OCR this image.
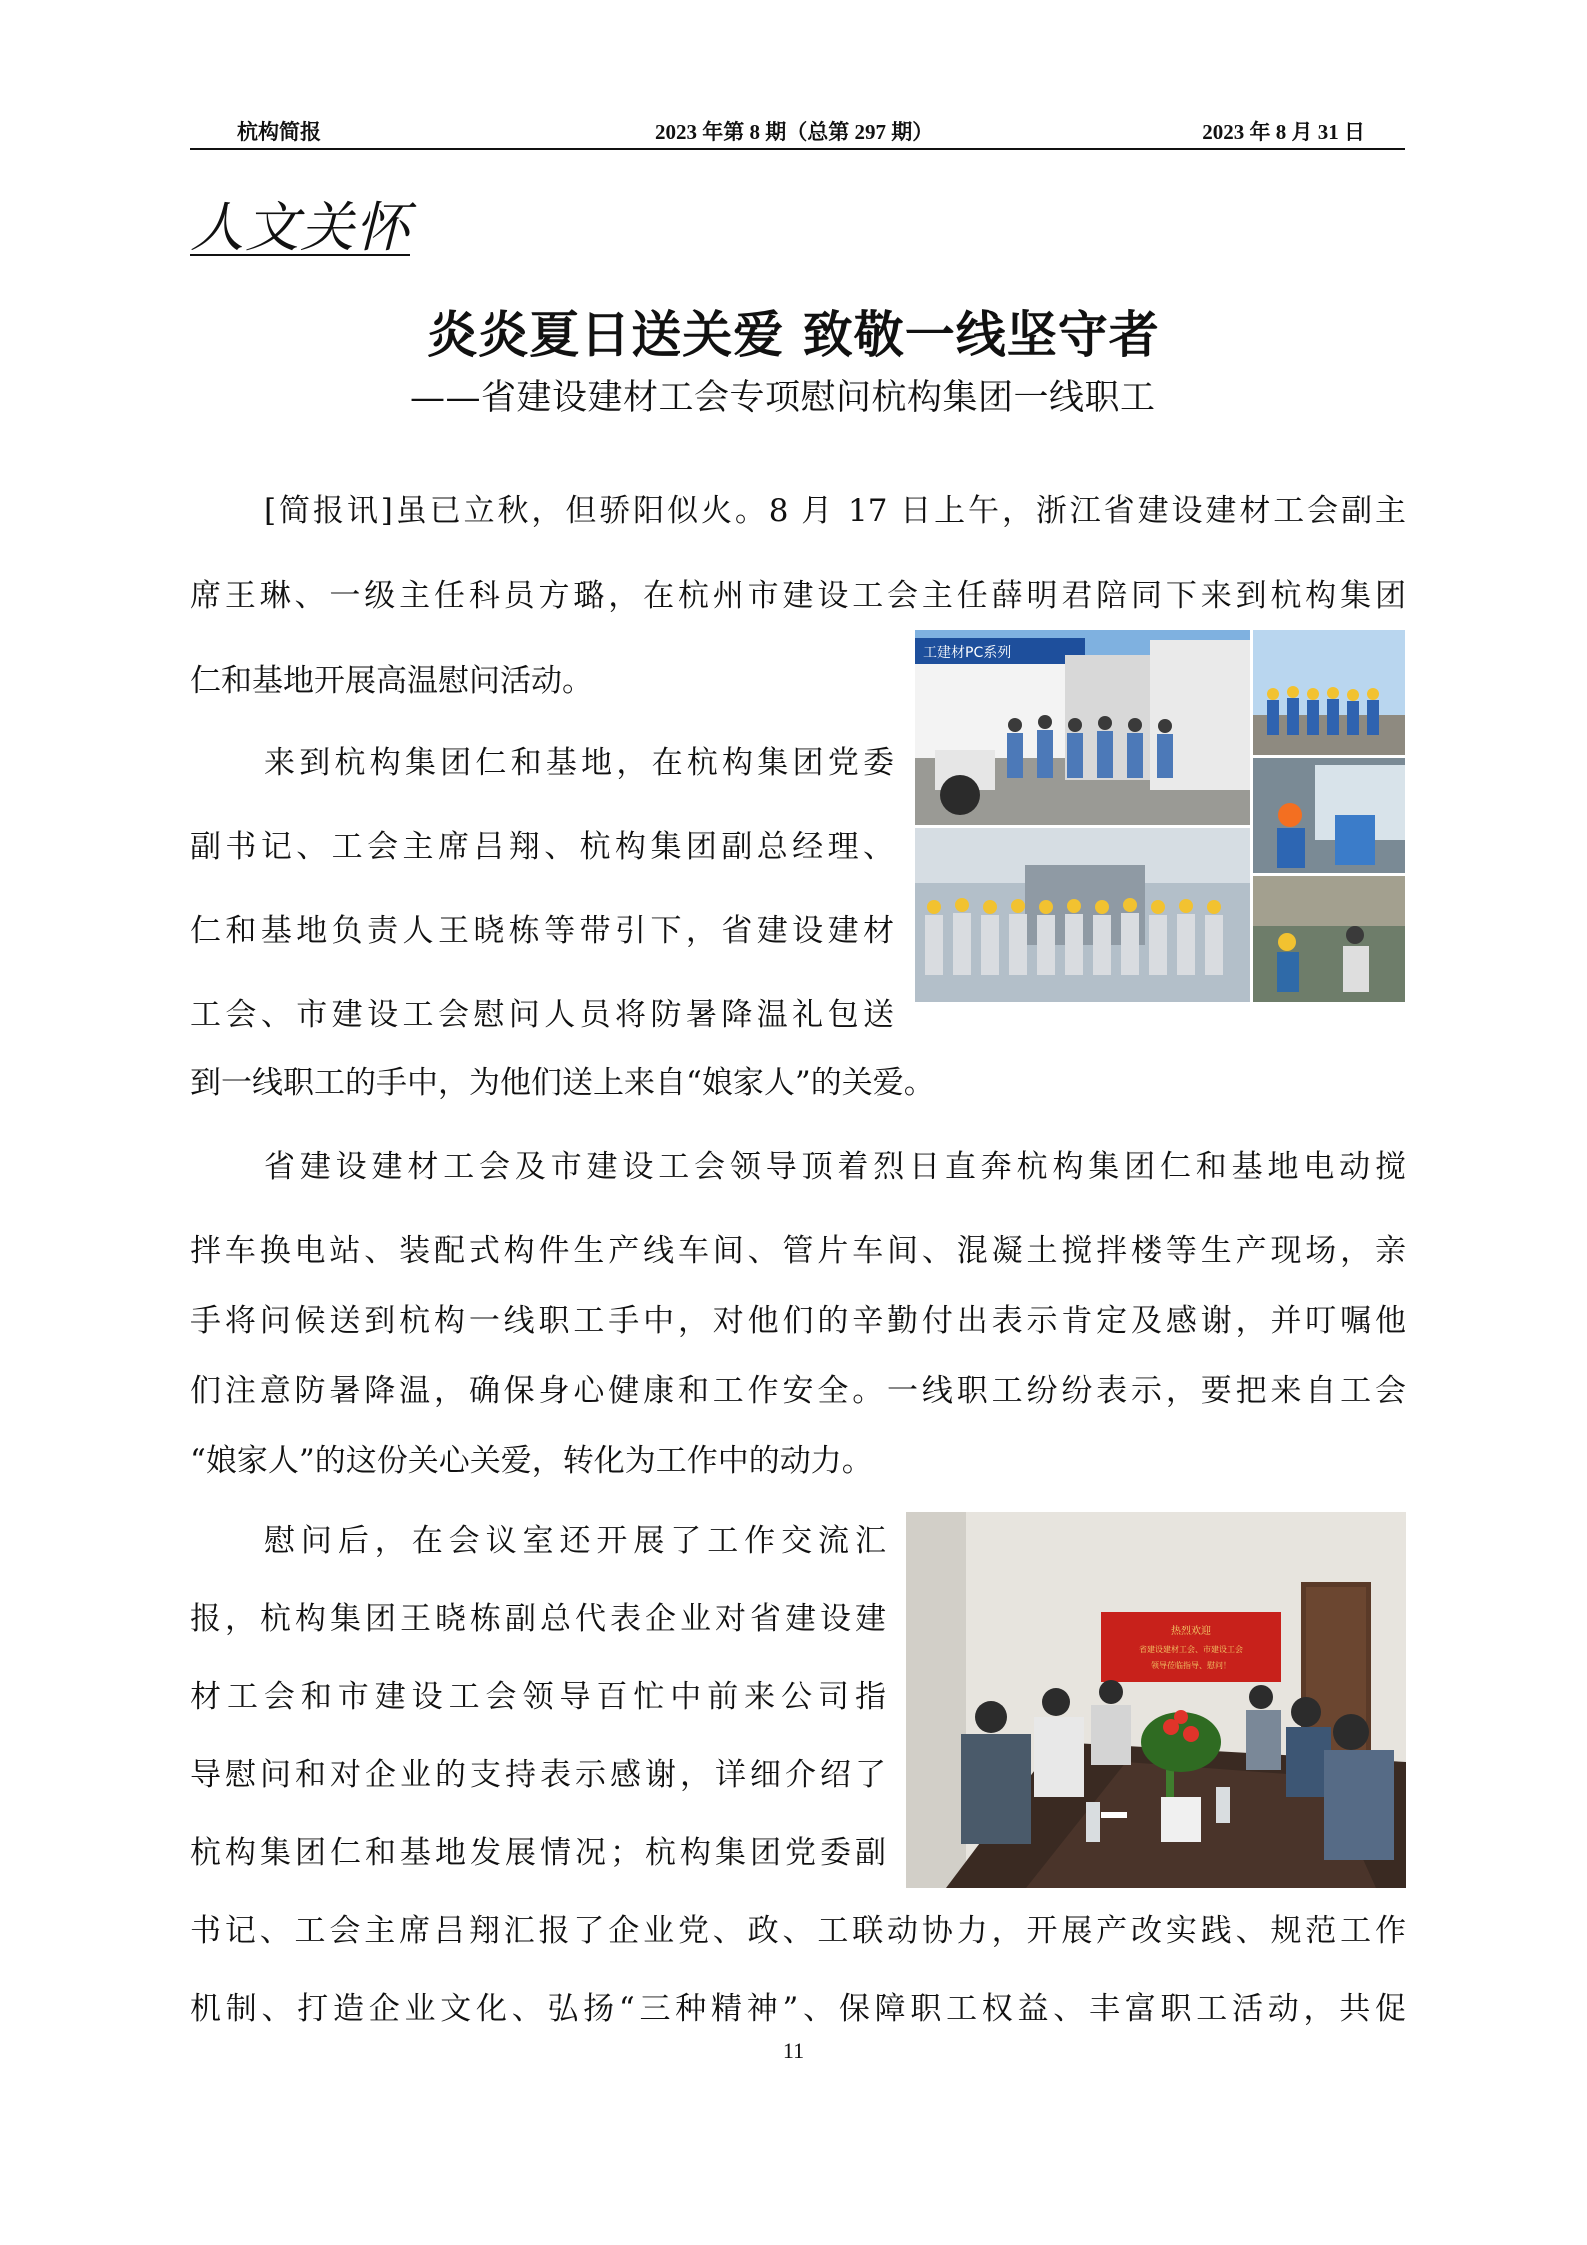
杭构简报	2023 年第 8 期（总第 297 期）	2023 年 8 月 31 日
人文关怀
炎炎夏日送关爱 致敬一线坚守者
——省建设建材工会专项慰问杭构集团一线职工
[简报讯]虽已立秋，但骄阳似火。8 月 17 日上午，浙江省建设建材工会副主
席王琳、一级主任科员方璐，在杭州市建设工会主任薛明君陪同下来到杭构集团
仁和基地开展高温慰问活动。
来到杭构集团仁和基地，在杭构集团党委
副书记、工会主席吕翔、杭构集团副总经理、
仁和基地负责人王晓栋等带引下，省建设建材
工会、市建设工会慰问人员将防暑降温礼包送
到一线职工的手中，为他们送上来自“娘家人”的关爱。
省建设建材工会及市建设工会领导顶着烈日直奔杭构集团仁和基地电动搅
拌车换电站、装配式构件生产线车间、管片车间、混凝土搅拌楼等生产现场，亲
手将问候送到杭构一线职工手中，对他们的辛勤付出表示肯定及感谢，并叮嘱他
们注意防暑降温，确保身心健康和工作安全。一线职工纷纷表示，要把来自工会
“娘家人”的这份关心关爱，转化为工作中的动力。
慰问后，在会议室还开展了工作交流汇
报，杭构集团王晓栋副总代表企业对省建设建
材工会和市建设工会领导百忙中前来公司指
导慰问和对企业的支持表示感谢，详细介绍了
杭构集团仁和基地发展情况；杭构集团党委副
书记、工会主席吕翔汇报了企业党、政、工联动协力，开展产改实践、规范工作
机制、打造企业文化、弘扬“三种精神”、保障职工权益、丰富职工活动，共促
工建材PC系列
热烈欢迎
省建设建材工会、市建设工会
领导莅临指导、慰问！
11
